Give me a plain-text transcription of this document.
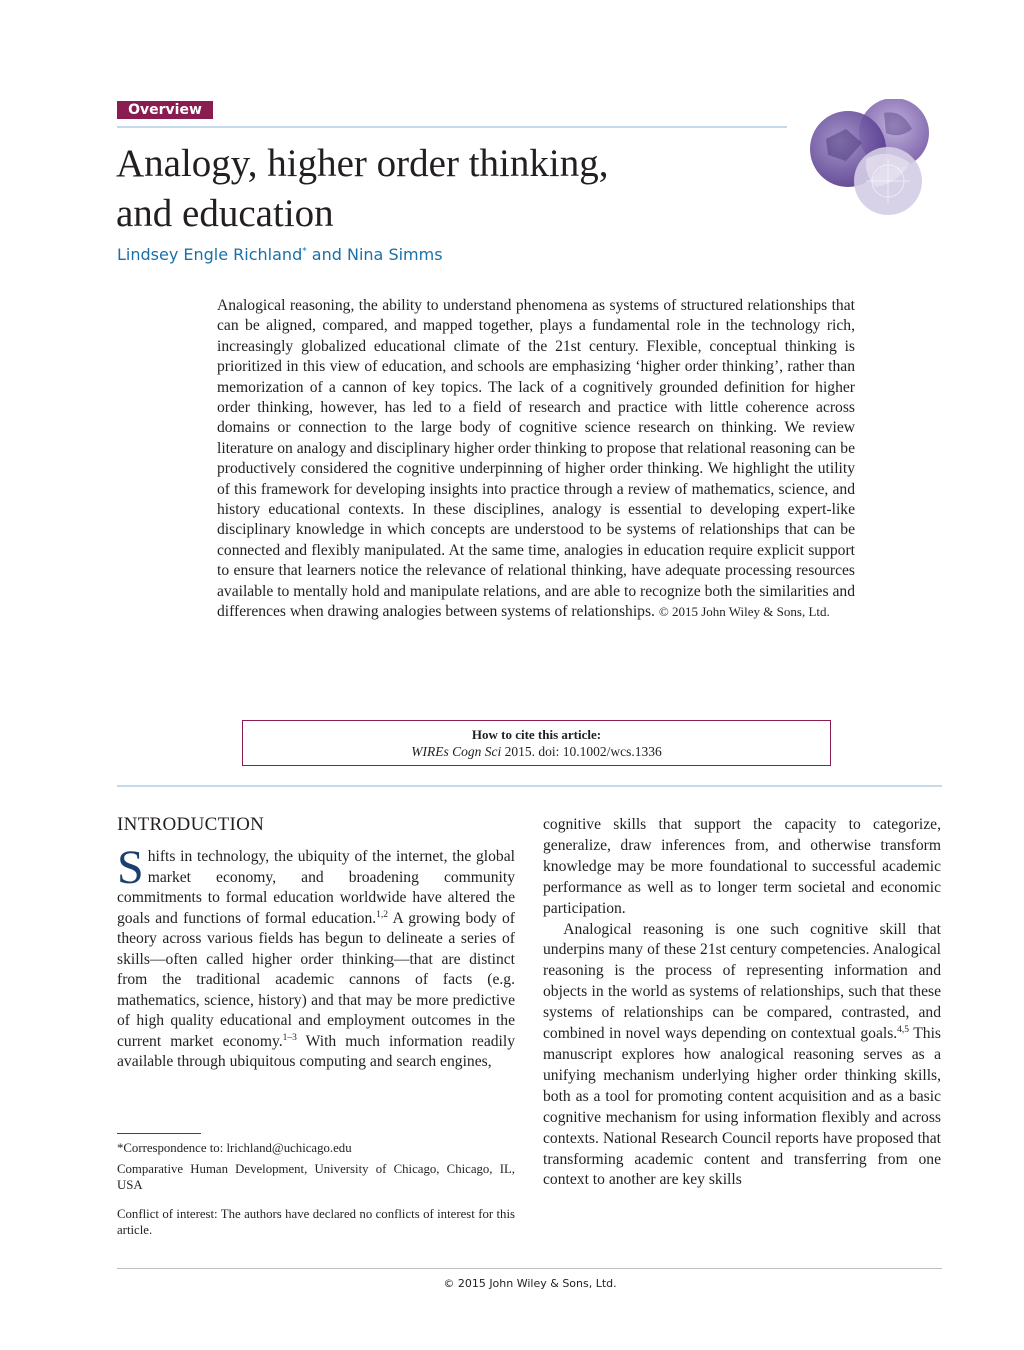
Overview
Analogy, higher order thinking,
and education
Lindsey Engle Richland* and Nina Simms

Analogical reasoning, the ability to understand phenomena as systems of structured relationships that can be aligned, compared, and mapped together, plays a fundamental role in the technology rich, increasingly globalized educational climate of the 21st century. Flexible, conceptual thinking is prioritized in this view of education, and schools are emphasizing ‘higher order thinking’, rather than memorization of a cannon of key topics. The lack of a cognitively grounded definition for higher order thinking, however, has led to a field of research and practice with little coherence across domains or connection to the large body of cognitive science research on thinking. We review literature on analogy and disciplinary higher order thinking to propose that relational reasoning can be productively considered the cognitive underpinning of higher order thinking. We highlight the utility of this framework for developing insights into practice through a review of mathematics, science, and history educational contexts. In these disciplines, analogy is essential to developing expert-like disciplinary knowledge in which concepts are understood to be systems of relationships that can be connected and flexibly manipulated. At the same time, analogies in education require explicit support to ensure that learners notice the relevance of relational thinking, have adequate processing resources available to mentally hold and manipulate relations, and are able to recognize both the similarities and differences when drawing analogies between systems of relationships. © 2015 John Wiley & Sons, Ltd.

How to cite this article:
WIREs Cogn Sci 2015. doi: 10.1002/wcs.1336
INTRODUCTION

Shifts in technology, the ubiquity of the internet, the global market economy, and broadening community commitments to formal education worldwide have altered the goals and functions of formal education.$^{1,2}$ A growing body of theory across various fields has begun to delineate a series of skills—often called higher order thinking—that are distinct from the traditional academic cannons of facts (e.g. mathematics, science, history) and that may be more predictive of high quality educational and employment outcomes in the current market economy.$^{1-3}$ With much information readily available through ubiquitous computing and search engines,

cognitive skills that support the capacity to categorize, generalize, draw inferences from, and otherwise transform knowledge may be more foundational to successful academic performance as well as to longer term societal and economic participation.

Analogical reasoning is one such cognitive skill that underpins many of these 21st century competencies. Analogical reasoning is the process of representing information and objects in the world as systems of relationships, such that these systems of relationships can be compared, contrasted, and combined in novel ways depending on contextual goals.$^{4,5}$ This manuscript explores how analogical reasoning serves as a unifying mechanism underlying higher order thinking skills, both as a tool for promoting content acquisition and as a basic cognitive mechanism for using information flexibly and across contexts. National Research Council reports have proposed that transforming academic content and transferring from one context to another are key skills

*Correspondence to: lrichland@uchicago.edu

Comparative Human Development, University of Chicago, Chicago, IL, USA

Conflict of interest: The authors have declared no conflicts of interest for this article.

© 2015 John Wiley & Sons, Ltd.
